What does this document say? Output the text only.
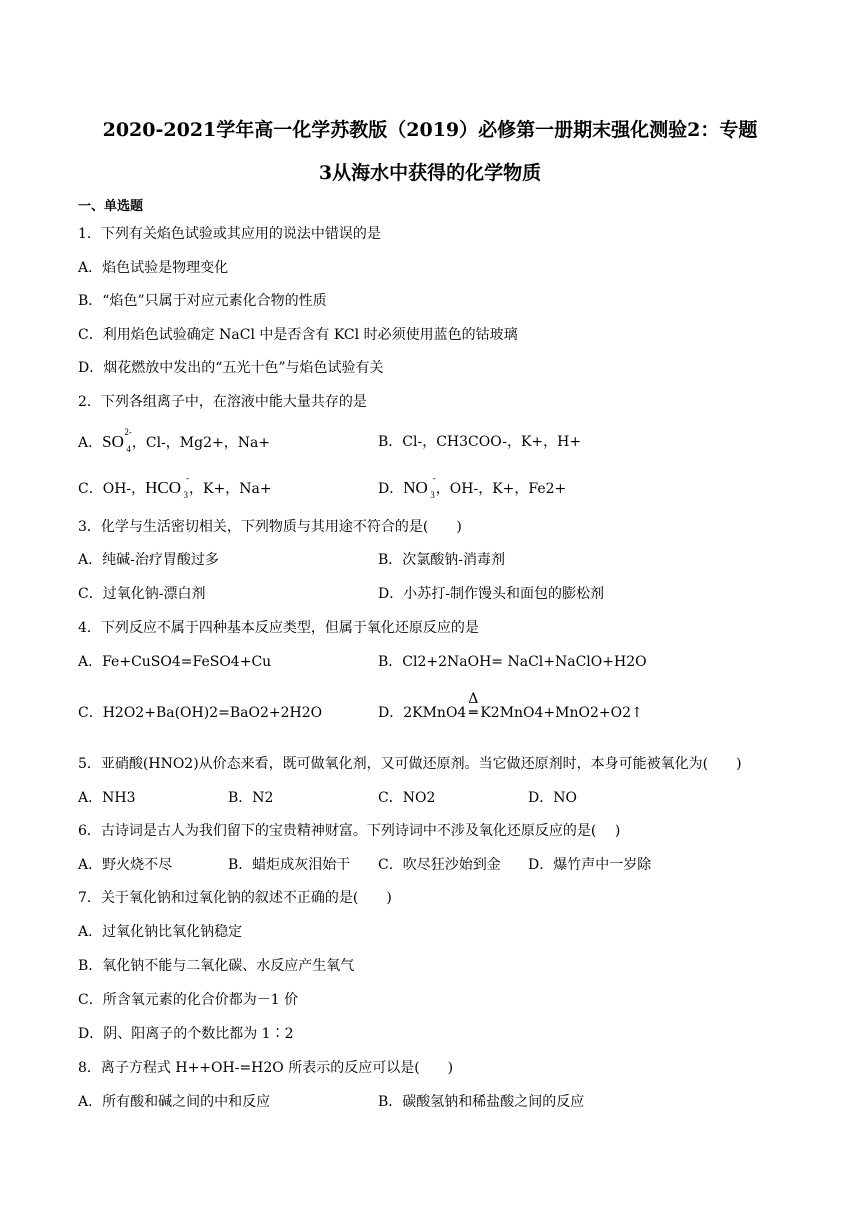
2020-2021学年高一化学苏教版（2019）必修第一册期末强化测验2：专题
3从海水中获得的化学物质
一、单选题
1．下列有关焰色试验或其应用的说法中错误的是
A．焰色试验是物理变化
B．“焰色”只属于对应元素化合物的性质
C．利用焰色试验确定 NaCl 中是否含有 KCl 时必须使用蓝色的钴玻璃
D．烟花燃放中发出的“五光十色”与焰色试验有关
2．下列各组离子中，在溶液中能大量共存的是
A．SO 2-
4 ，Cl-，Mg2+，Na+	B．Cl-，CH3COO-，K+，H+
C．OH-，HCO -
3 ，K+，Na+	D．NO -
3 ，OH-，K+，Fe2+
3．化学与生活密切相关，下列物质与其用途不符合的是(　　)
A．纯碱-治疗胃酸过多	B．次氯酸钠-消毒剂
C．过氧化钠-漂白剂	D．小苏打-制作馒头和面包的膨松剂
4．下列反应不属于四种基本反应类型，但属于氧化还原反应的是
A．Fe+CuSO4=FeSO4+Cu	B．Cl2+2NaOH= NaCl+NaClO+H2O
C．H2O2+Ba(OH)2=BaO2+2H2O	D．2KMnO4
Δ
═ K2MnO4+MnO2+O2↑
5．亚硝酸(HNO2)从价态来看，既可做氧化剂，又可做还原剂。当它做还原剂时，本身可能被氧化为(　　)
A．NH3	B．N2	C．NO2	D．NO
6．古诗词是古人为我们留下的宝贵精神财富。下列诗词中不涉及氧化还原反应的是(　 )
A．野火烧不尽	B．蜡炬成灰泪始干 C．吹尽狂沙始到金 D．爆竹声中一岁除
7．关于氧化钠和过氧化钠的叙述不正确的是(　　)
A．过氧化钠比氧化钠稳定
B．氧化钠不能与二氧化碳、水反应产生氧气
C．所含氧元素的化合价都为－1 价
D．阴、阳离子的个数比都为 1∶2
8．离子方程式 H++OH-=H2O 所表示的反应可以是(　　)
A．所有酸和碱之间的中和反应	B．碳酸氢钠和稀盐酸之间的反应
